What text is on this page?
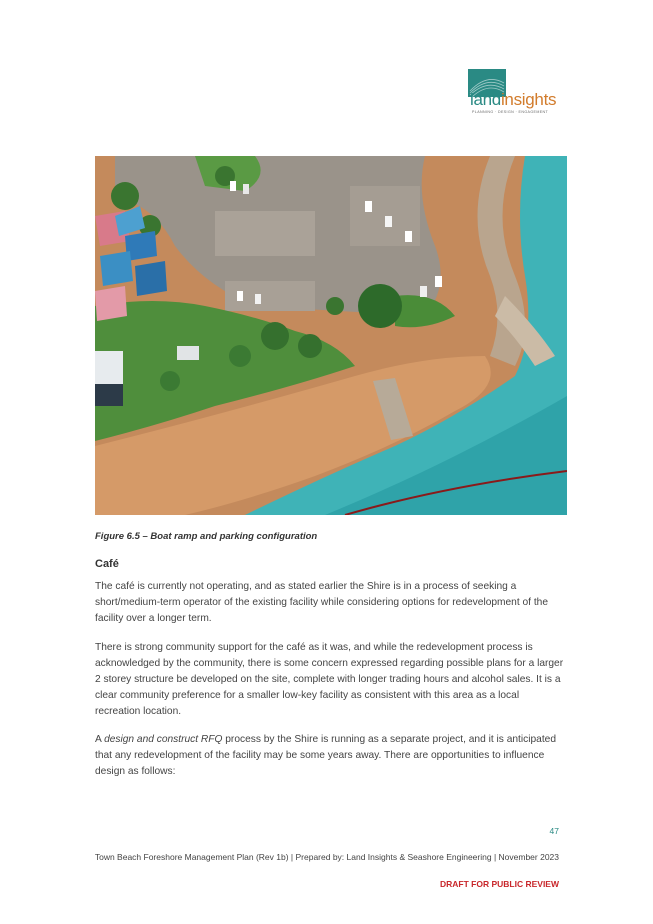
landinsights
PLANNING · DESIGN · ENGAGEMENT
Figure 6.5 – Boat ramp and parking configuration
Café

The café is currently not operating, and as stated earlier the Shire is in a process of seeking a short/medium-term operator of the existing facility while considering options for redevelopment of the facility over a longer term.

There is strong community support for the café as it was, and while the redevelopment process is acknowledged by the community, there is some concern expressed regarding possible plans for a larger 2 storey structure be developed on the site, complete with longer trading hours and alcohol sales. It is a clear community preference for a smaller low-key facility as consistent with this area as a local recreation location.

A design and construct RFQ process by the Shire is running as a separate project, and it is anticipated that any redevelopment of the facility may be some years away. There are opportunities to influence design as follows:

47
Town Beach Foreshore Management Plan (Rev 1b) | Prepared by: Land Insights & Seashore Engineering | November 2023
DRAFT FOR PUBLIC REVIEW
